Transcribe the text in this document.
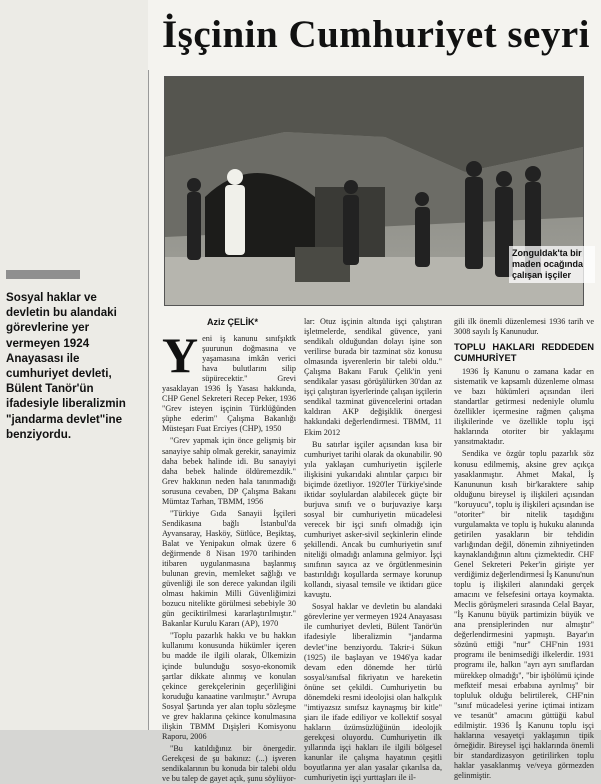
İşçinin Cumhuriyet seyri
Zonguldak'ta bir maden ocağında çalışan işçiler
Sosyal haklar ve devletin bu alandaki görevlerine yer vermeyen 1924 Anayasası ile cumhuriyet devleti, Bülent Tanör'ün ifadesiyle liberalizmin "jandarma devlet"ine benziyordu.
Aziz ÇELİK*
Y eni iş kanunu sınıfşıktk şuurunun doğmasına ve yaşamasına imkân verici hava bulutlarını silip süpürecektir." Grevi yasaklayan 1936 İş Yasası hakkında, CHP Genel Sekreteri Recep Peker, 1936 "Grev isteyen işçinin Türklüğünden şüphe ederim" Çalışma Bakanlığı Müsteşarı Fuat Erciyes (CHP), 1950

"Grev yapmak için önce gelişmiş bir sanayiye sahip olmak gerekir, sanayimiz daha bebek halinde idi. Bu sanayiyi daha bebek halinde öldüremezdik." Grev hakkının neden hala tanınmadığı sorusuna cevaben, DP Çalışma Bakanı Mümtaz Tarhan, TBMM, 1956

"Türkiye Gıda Sanayii İşçileri Sendikasına bağlı İstanbul'da Ayvansaray, Hasköy, Sütlüce, Beşiktaş, Balat ve Yenipakun olmak üzere 6 değirmende 8 Nisan 1970 tarihinden itibaren uygulanmasına başlanmış bulunan grevin, memleket sağlığı ve güvenliği ile son derece yakından ilgili olması hakimin Milli Güvenliğimizi bozucu nitelikte görülmesi sebebiyle 30 gün geciktirilmesi kararlaştırılmıştır." Bakanlar Kurulu Kararı (AP), 1970

"Toplu pazarlık hakkı ve bu hakkın kullanımı konusunda hükümler içeren bu madde ile ilgili olarak, Ülkemizin içinde bulunduğu sosyo-ekonomik şartlar dikkate alınmış ve konulan çekince gerekçelerinin geçerliliğini koruduğu kanaatine varılmıştır." Avrupa Sosyal Şartında yer alan toplu sözleşme ve grev haklarına çekince konulmasına ilişkin TBMM Dışişleri Komisyonu Raporu, 2006

"Bu katıldığınız bir önergedir. Gerekçesi de şu bakınız: (...) işveren sendikalarının bu konuda bir talebi oldu ve bu talep de gayet açık, şunu söylüyor-

lar: Otuz işçinin altında işçi çalıştıran işletmelerde, sendikal güvence, yani sendikalı olduğundan dolayı işine son verilirse burada bir tazminat söz konusu olmasında işverenlerin bir talebi oldu." Çalışma Bakanı Faruk Çelik'in yeni sendikalar yasası görüşülürken 30'dan az işçi çalıştıran işyerlerinde çalışan işçilerin sendikal tazminat güvencelerini ortadan kaldıran AKP değişiklik önergesi hakkındaki değerlendirmesi. TBMM, 11 Ekim 2012

Bu satırlar işçiler açısından kısa bir cumhuriyet tarihi olarak da okunabilir. 90 yıla yaklaşan cumhuriyetin işçilerle ilişkisini yukarıdaki alıntılar çarpıcı bir biçimde özetliyor. 1920'ler Türkiye'sinde iktidar soylulardan alabilecek güçte bir burjuva sınıfı ve o burjuvaziye karşı sosyal bir cumhuriyetin mücadelesi verecek bir işçi sınıfı olmadığı için cumhuriyet asker-sivil seçkinlerin elinde şekillendi. Ancak bu cumhuriyetin sınıf niteliği olmadığı anlamına gelmiyor. İşçi sınıfının sayıca az ve örgütlenmesinin bastırıldığı koşullarda sermaye korunup kollandı, siyasal temsile ve iktidarı güce kavuştu.

Sosyal haklar ve devletin bu alandaki görevlerine yer vermeyen 1924 Anayasası ile cumhuriyet devleti, Bülent Tanör'ün ifadesiyle liberalizmin "jandarma devlet"ine benziyordu. Takrir-i Sükun (1925) ile başlayan ve 1946'ya kadar devam eden dönemde her türlü sosyal/sınıfsal fikriyatın ve hareketin önüne set çekildi. Cumhuriyetin bu dönemdeki resmi ideolojisi olan halkçılık "imtiyazsız sınıfsız kaynaşmış bir kitle" şiarı ile ifade ediliyor ve kollektif sosyal hakların üzümsüzlüğünün ideolojik gerekçesi oluyordu. Cumhuriyetin ilk yıllarında işçi hakları ile ilgili bölgesel kanunlar ile çalışma hayatının çeşitli boyutlarına yer alan yasalar çıkarılsa da, cumhuriyetin işçi yurttaşları ile il-

gili ilk önemli düzenlemesi 1936 tarih ve 3008 sayılı İş Kanunudur.

TOPLU HAKLARI REDDEDEN CUMHURİYET

1936 İş Kanunu o zamana kadar en sistematik ve kapsamlı düzenleme olması ve bazı hükümleri açısından ileri standartlar getirmesi nedeniyle olumlu özellikler içermesine rağmen çalışma ilişkilerinde ve özellikle toplu işçi haklarında otoriter bir yaklaşımı yansıtmaktadır.

Sendika ve özgür toplu pazarlık söz konusu edilmemiş, aksine grev açıkça yasaklanmıştır. Ahmet Makal, İş Kanununun kısıh bir'karaktere sahip olduğunu bireysel iş ilişkileri açısından "koruyucu", toplu iş ilişkileri açısından ise "otoriter" bir nitelik taşıdığını vurgulamakta ve toplu iş hukuku alanında getirilen yasakların bir tehdidin varlığından değil, dönemin zihniyetinden kaynaklandığının altını çizmektedir. CHF Genel Sekreteri Peker'in girişte yer verdiğimiz değerlendirmesi İş Kanunu'nun toplu iş ilişkileri alanındaki gerçek amacını ve felsefesini ortaya koymakta. Meclis görüşmeleri sırasında Celal Bayar, "İş Kanunu büyük partimizin büyük ve ana prensiplerinden nur almıştır" değerlendirmesini yapmıştı. Bayar'ın sözünü ettiği "nur" CHF'nin 1931 programı ile benimsediği ilkelerdir. 1931 programı ile, halkın "ayrı ayrı sınıflardan mürekkep olmadığı", "bir işbölümü içinde mefkteif mesai erbabına ayrılmış" bir topluluk olduğu belirtilerek, CHF'nin "sınıf mücadelesi yerine içtimai intizam ve tesanüt" amacını güttüğü kabul edilmiştir. 1936 İş Kanunu toplu işçi haklarına vesayetçi yaklaşımın tipik örneğidir. Bireysel işçi haklarında önemli bir standardizasyon getirilirken toplu haklar yasaklanmış ve/veya görmezden gelinmiştir.
